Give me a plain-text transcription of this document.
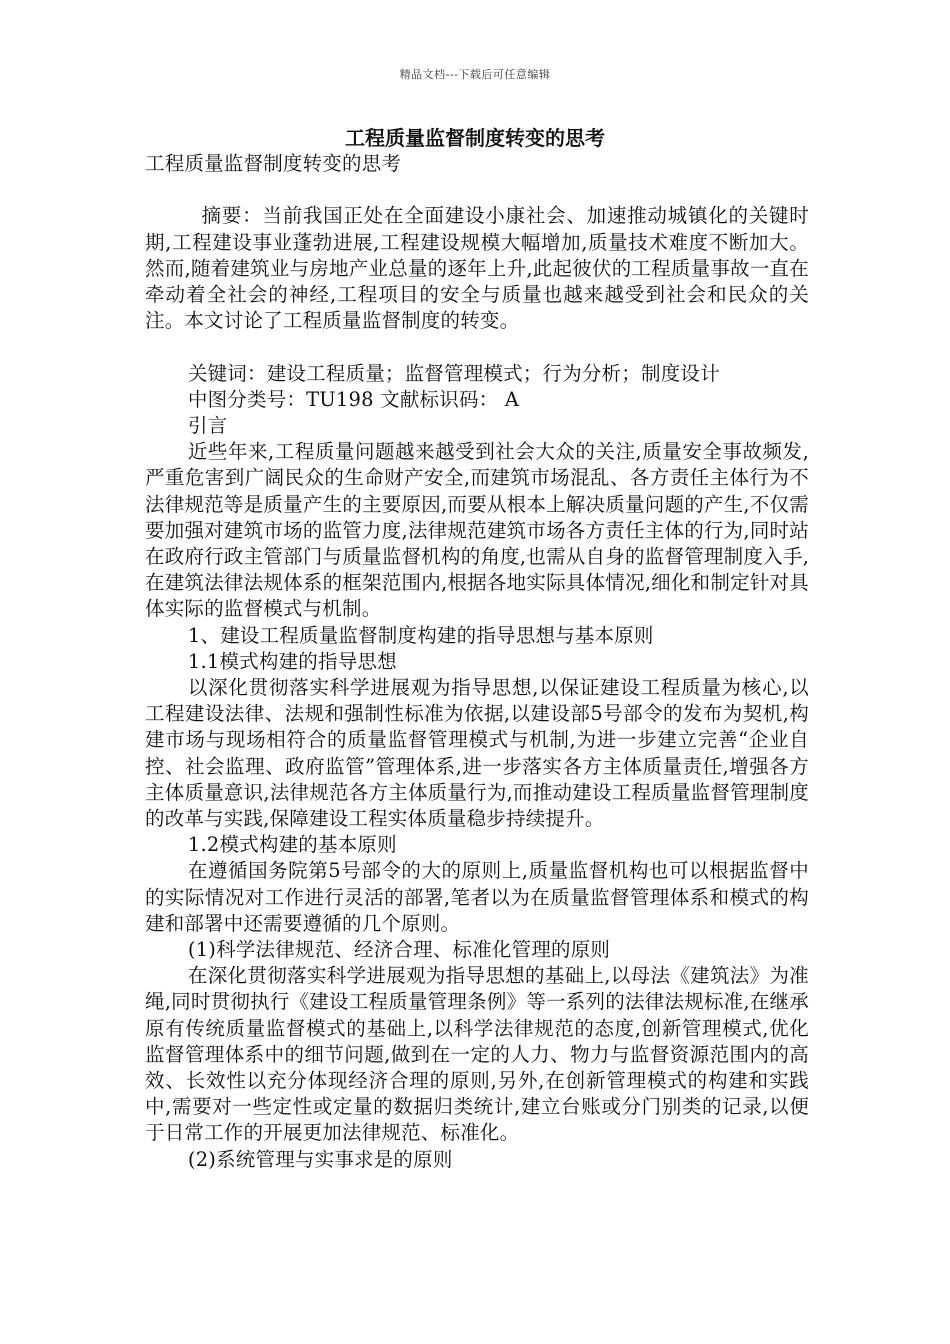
精品文档---下载后可任意编辑
工程质量监督制度转变的思考

工程质量监督制度转变的思考

摘要：当前我国正处在全面建设小康社会、加速推动城镇化的关键时期,工程建设事业蓬勃进展,工程建设规模大幅增加,质量技术难度不断加大。然而,随着建筑业与房地产业总量的逐年上升,此起彼伏的工程质量事故一直在牵动着全社会的神经,工程项目的安全与质量也越来越受到社会和民众的关注。本文讨论了工程质量监督制度的转变。

关键词：建设工程质量；监督管理模式；行为分析；制度设计

中图分类号：TU198 文献标识码： A

引言

近些年来,工程质量问题越来越受到社会大众的关注,质量安全事故频发,严重危害到广阔民众的生命财产安全,而建筑市场混乱、各方责任主体行为不法律规范等是质量产生的主要原因,而要从根本上解决质量问题的产生,不仅需要加强对建筑市场的监管力度,法律规范建筑市场各方责任主体的行为,同时站在政府行政主管部门与质量监督机构的角度,也需从自身的监督管理制度入手,在建筑法律法规体系的框架范围内,根据各地实际具体情况,细化和制定针对具体实际的监督模式与机制。

1、建设工程质量监督制度构建的指导思想与基本原则

1.1模式构建的指导思想

以深化贯彻落实科学进展观为指导思想,以保证建设工程质量为核心,以工程建设法律、法规和强制性标准为依据,以建设部5号部令的发布为契机,构建市场与现场相符合的质量监督管理模式与机制,为进一步建立完善“企业自控、社会监理、政府监管”管理体系,进一步落实各方主体质量责任,增强各方主体质量意识,法律规范各方主体质量行为,而推动建设工程质量监督管理制度的改革与实践,保障建设工程实体质量稳步持续提升。

1.2模式构建的基本原则

在遵循国务院第5号部令的大的原则上,质量监督机构也可以根据监督中的实际情况对工作进行灵活的部署,笔者以为在质量监督管理体系和模式的构建和部署中还需要遵循的几个原则。

(1)科学法律规范、经济合理、标准化管理的原则

在深化贯彻落实科学进展观为指导思想的基础上,以母法《建筑法》为准绳,同时贯彻执行《建设工程质量管理条例》等一系列的法律法规标准,在继承原有传统质量监督模式的基础上,以科学法律规范的态度,创新管理模式,优化监督管理体系中的细节问题,做到在一定的人力、物力与监督资源范围内的高效、长效性以充分体现经济合理的原则,另外,在创新管理模式的构建和实践中,需要对一些定性或定量的数据归类统计,建立台账或分门别类的记录,以便于日常工作的开展更加法律规范、标准化。

(2)系统管理与实事求是的原则
